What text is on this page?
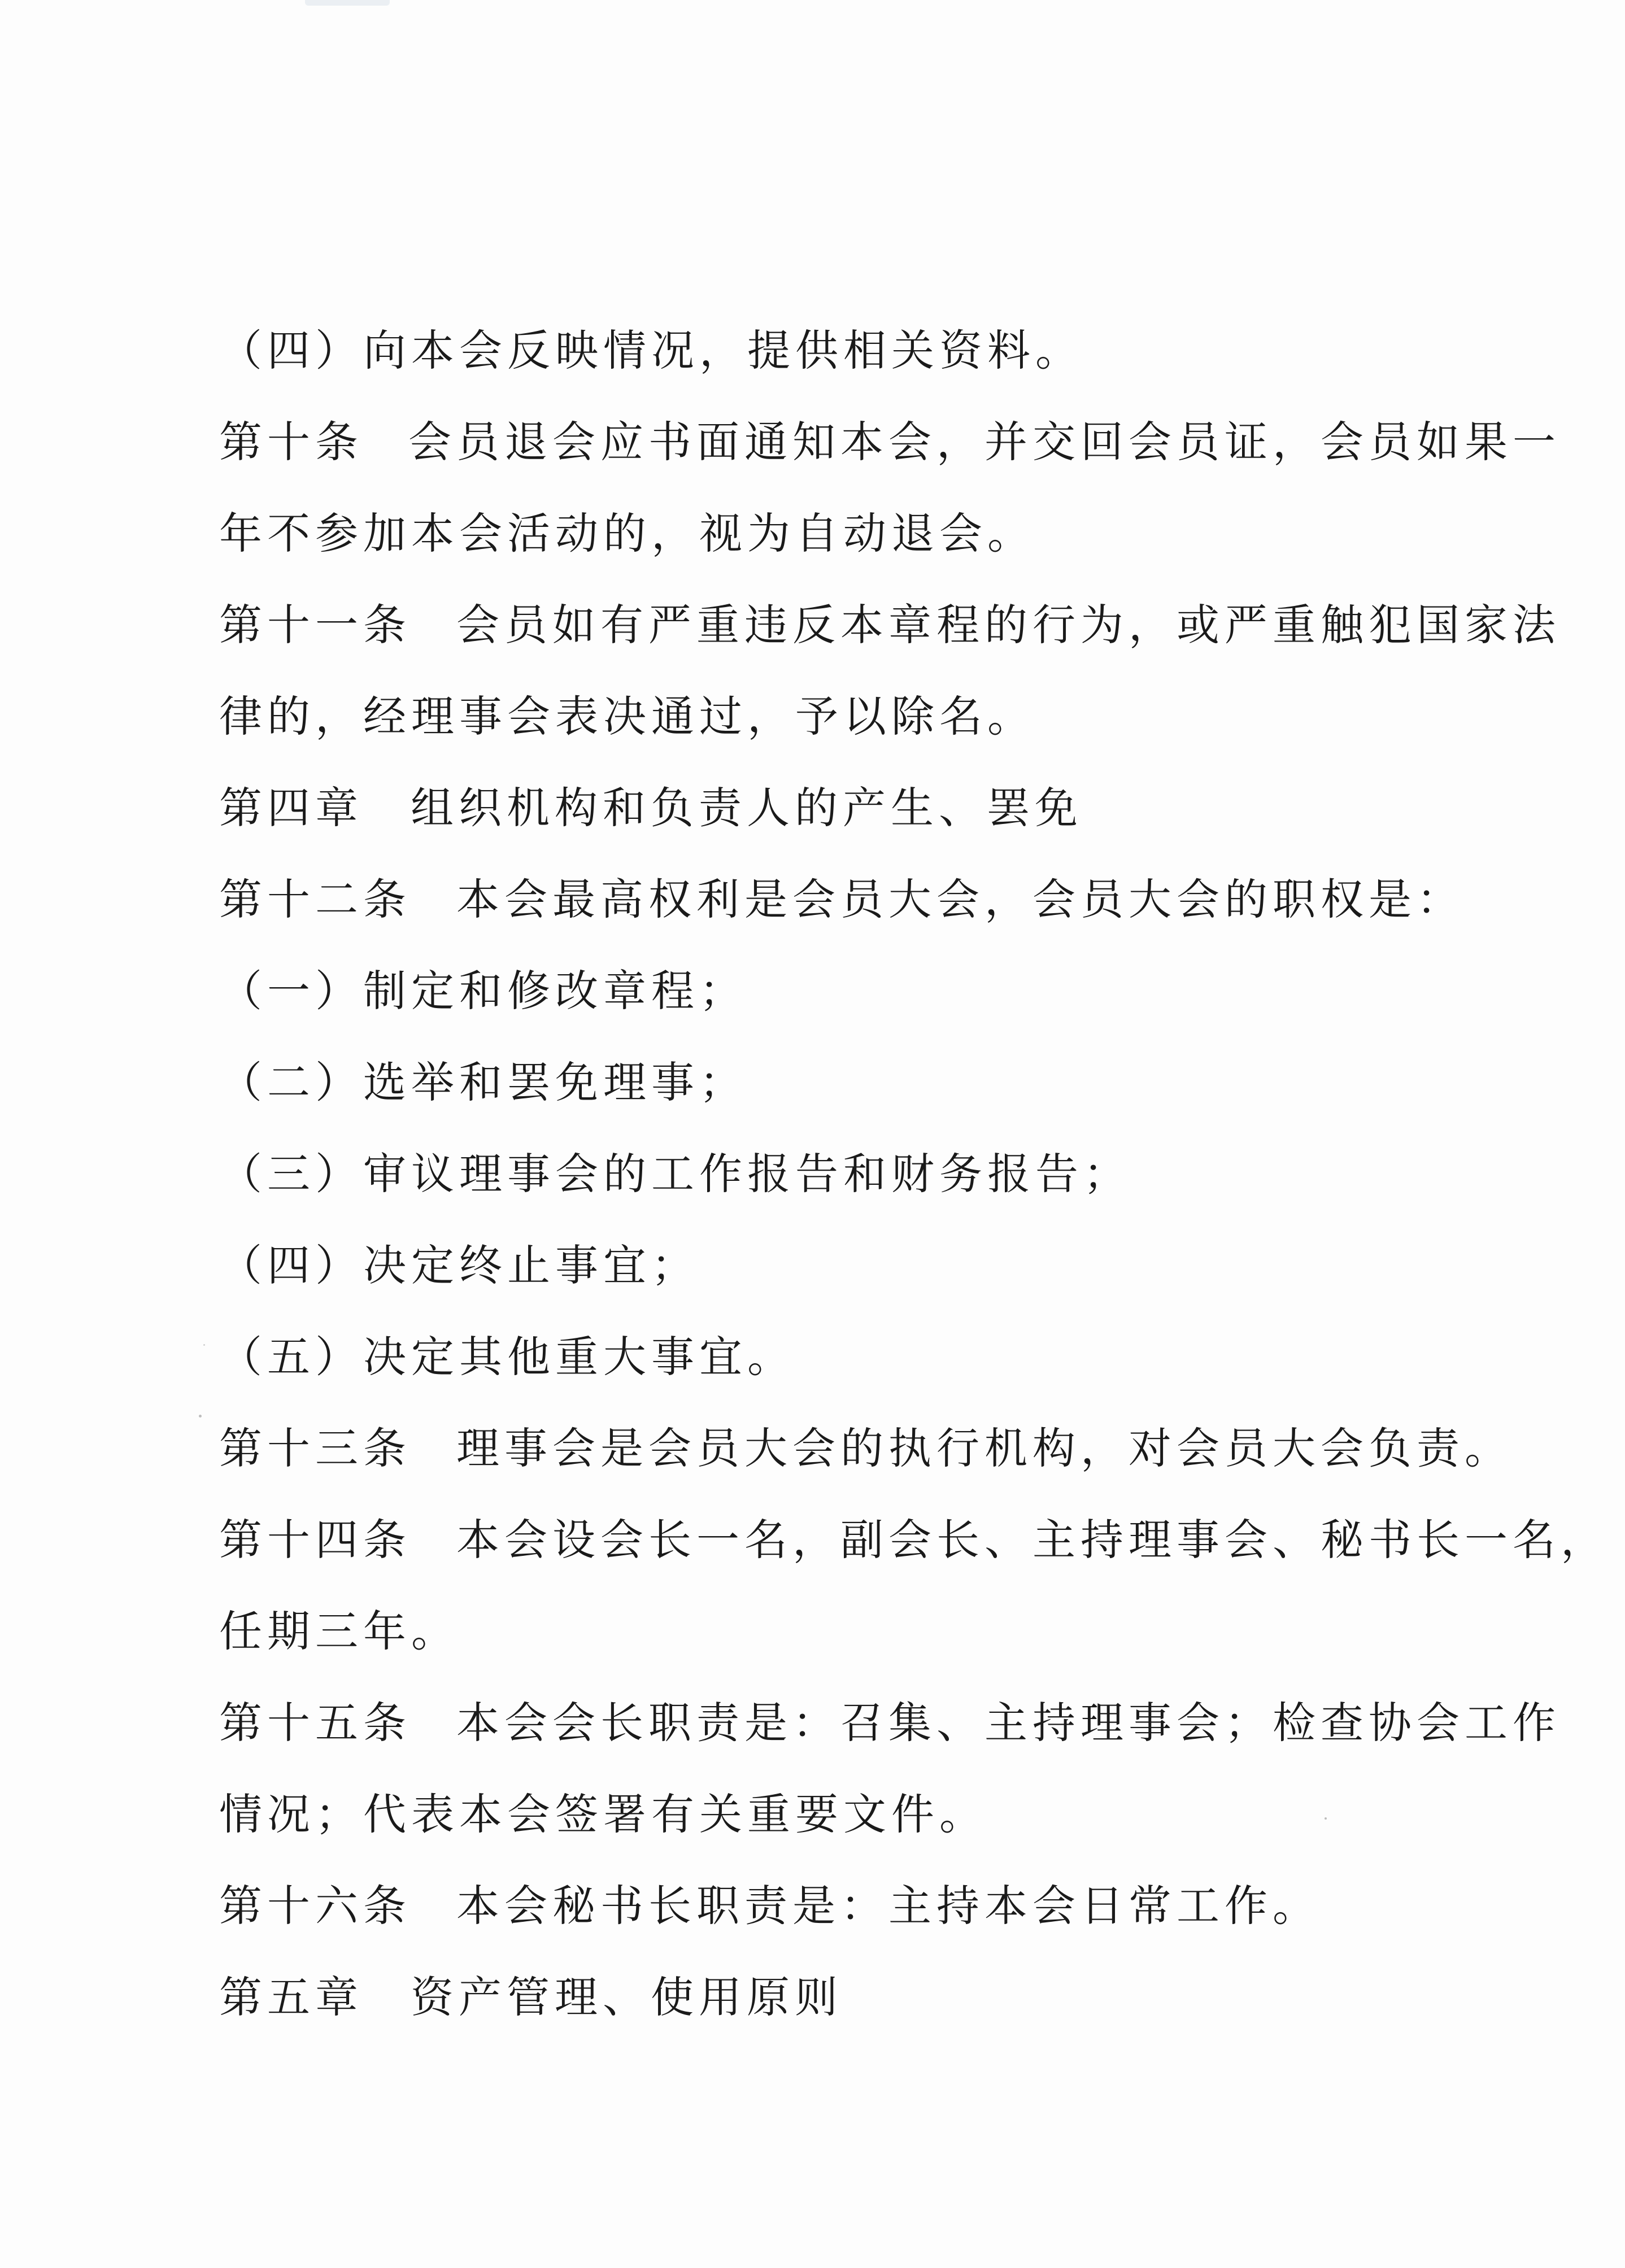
（四）向本会反映情况，提供相关资料。
第十条 会员退会应书面通知本会，并交回会员证，会员如果一
年不参加本会活动的，视为自动退会。
第十一条 会员如有严重违反本章程的行为，或严重触犯国家法
律的，经理事会表决通过，予以除名。
第四章 组织机构和负责人的产生、罢免
第十二条 本会最高权利是会员大会，会员大会的职权是：
（一）制定和修改章程；
（二）选举和罢免理事；
（三）审议理事会的工作报告和财务报告；
（四）决定终止事宜；
（五）决定其他重大事宜。
第十三条 理事会是会员大会的执行机构，对会员大会负责。
第十四条 本会设会长一名，副会长、主持理事会、秘书长一名，
任期三年。
第十五条 本会会长职责是：召集、主持理事会；检查协会工作
情况；代表本会签署有关重要文件。
第十六条 本会秘书长职责是：主持本会日常工作。
第五章 资产管理、使用原则
